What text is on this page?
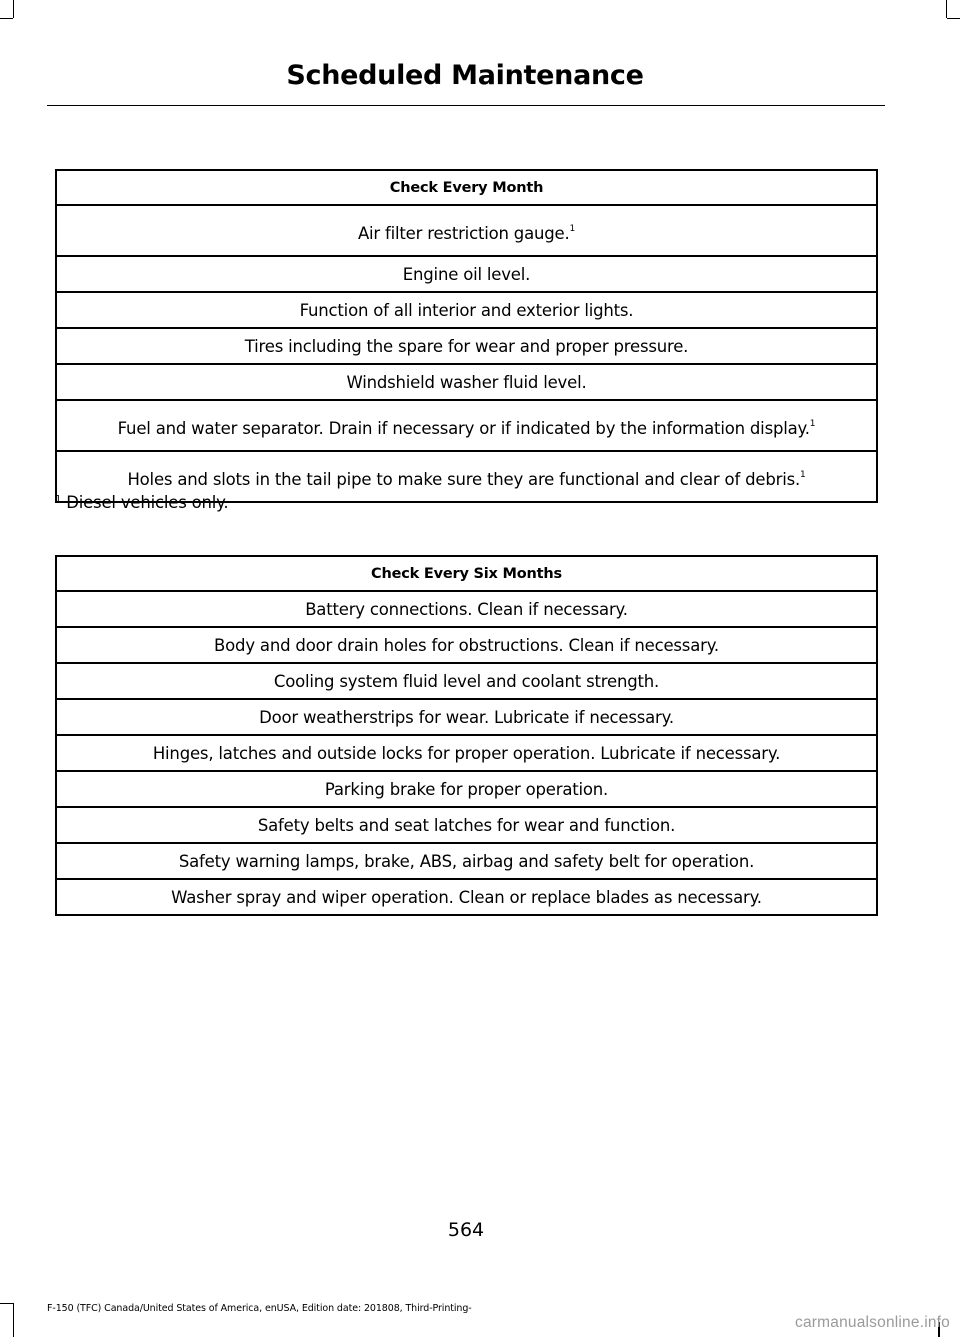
Scheduled Maintenance
Check Every Month
Air filter restriction gauge.$^1$
Engine oil level.
Function of all interior and exterior lights.
Tires including the spare for wear and proper pressure.
Windshield washer fluid level.
Fuel and water separator. Drain if necessary or if indicated by the information display.$^1$
Holes and slots in the tail pipe to make sure they are functional and clear of debris.$^1$
$^1$ Diesel vehicles only.
Check Every Six Months
Battery connections. Clean if necessary.
Body and door drain holes for obstructions. Clean if necessary.
Cooling system fluid level and coolant strength.
Door weatherstrips for wear. Lubricate if necessary.
Hinges, latches and outside locks for proper operation. Lubricate if necessary.
Parking brake for proper operation.
Safety belts and seat latches for wear and function.
Safety warning lamps, brake, ABS, airbag and safety belt for operation.
Washer spray and wiper operation. Clean or replace blades as necessary.
564
F-150 (TFC) Canada/United States of America, enUSA, Edition date: 201808, Third-Printing-
carmanualsonline.info
